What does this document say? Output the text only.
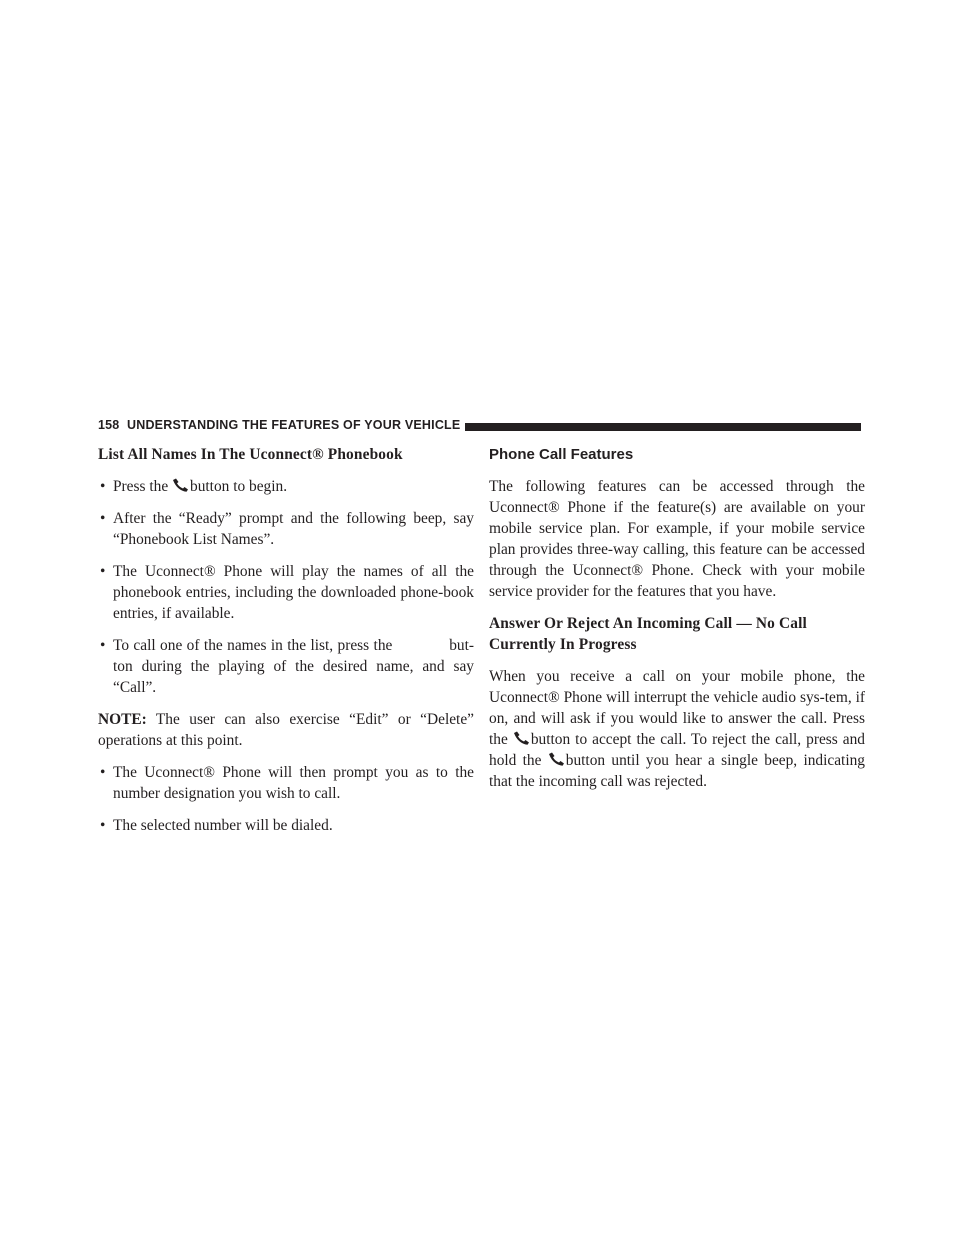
158 UNDERSTANDING THE FEATURES OF YOUR VEHICLE
List All Names In The Uconnect® Phonebook
• Press the button to begin.
• After the “Ready” prompt and the following beep, say “Phonebook List Names”.
• The Uconnect® Phone will play the names of all the phonebook entries, including the downloaded phone-book entries, if available.
• To call one of the names in the list, press the	but-ton during the playing of the desired name, and say “Call”.

NOTE: The user can also exercise “Edit” or “Delete” operations at this point.

• The Uconnect® Phone will then prompt you as to the number designation you wish to call.
• The selected number will be dialed.
Phone Call Features

The following features can be accessed through the Uconnect® Phone if the feature(s) are available on your mobile service plan. For example, if your mobile service plan provides three-way calling, this feature can be accessed through the Uconnect® Phone. Check with your mobile service provider for the features that you have.

Answer Or Reject An Incoming Call — No Call Currently In Progress

When you receive a call on your mobile phone, the Uconnect® Phone will interrupt the vehicle audio sys-tem, if on, and will ask if you would like to answer the call. Press the button to accept the call. To reject the call, press and hold the button until you hear a single beep, indicating that the incoming call was rejected.
